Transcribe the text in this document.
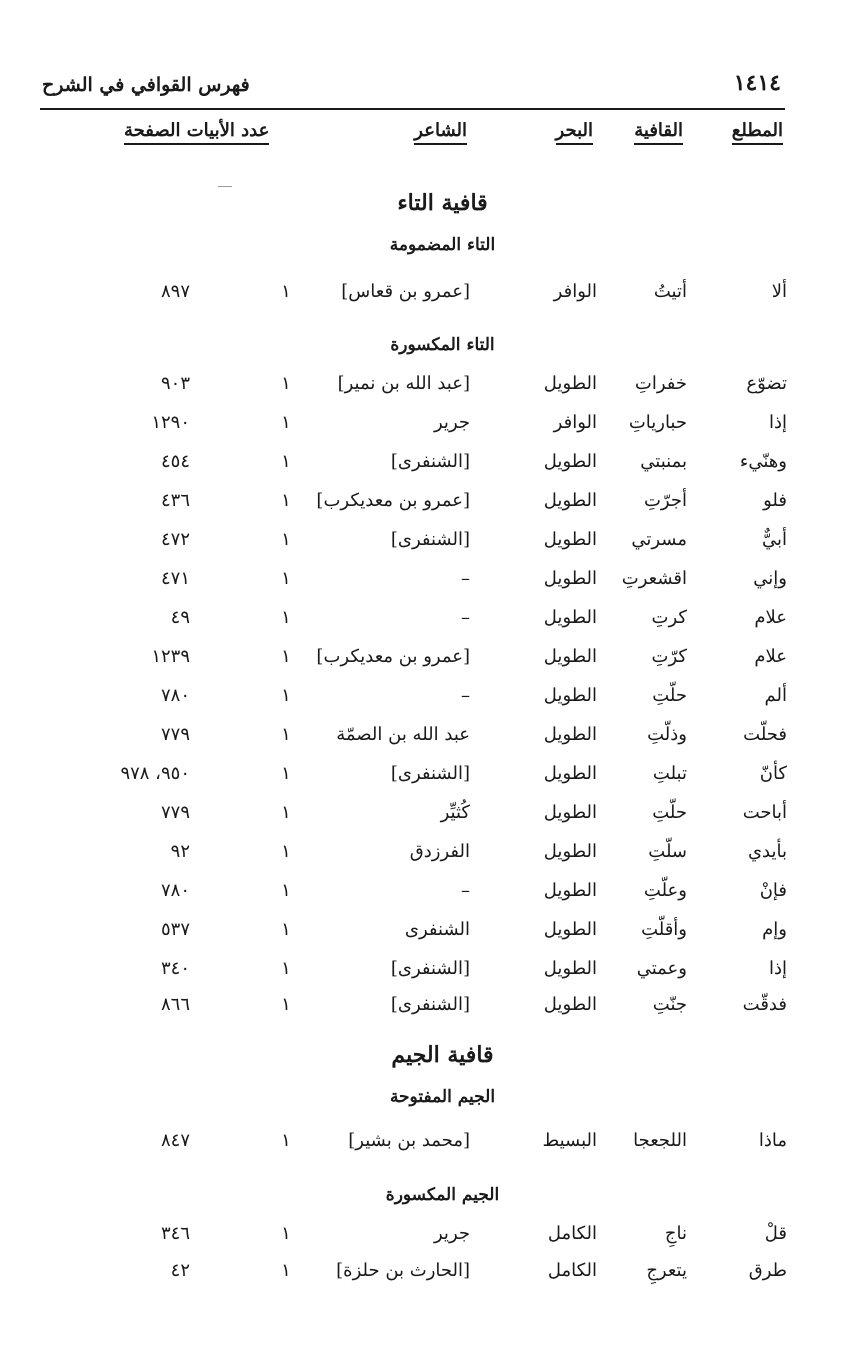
١٤١٤
فهرس القوافي في الشرح
المطلع
القافية
البحر
الشاعر
عدد الأبيات الصفحة
قافية التاء
التاء المضمومة
ألا
أتيتُ
الوافر
[عمرو بن قعاس]
١
٨٩٧
التاء المكسورة
تضوّع
خفراتِ
الطويل
[عبد الله بن نمير]
١
٩٠٣
إذا
حبارياتِ
الوافر
جرير
١
١٢٩٠
وهنّيء
بمنبتي
الطويل
[الشنفرى]
١
٤٥٤
فلو
أجرّتِ
الطويل
[عمرو بن معديكرب]
١
٤٣٦
أبيٌّ
مسرتي
الطويل
[الشنفرى]
١
٤٧٢
وإني
اقشعرتِ
الطويل
–
١
٤٧١
علام
كرتِ
الطويل
–
١
٤٩
علام
كرّتِ
الطويل
[عمرو بن معديكرب]
١
١٢٣٩
ألم
حلّتِ
الطويل
–
١
٧٨٠
فحلّت
وذلّتِ
الطويل
عبد الله بن الصمّة
١
٧٧٩
كأنّ
تبلتِ
الطويل
[الشنفرى]
١
٩٥٠، ٩٧٨
أباحت
حلّتِ
الطويل
كُثيِّر
١
٧٧٩
بأيدي
سلّتِ
الطويل
الفرزدق
١
٩٢
فإنْ
وعلّتِ
الطويل
–
١
٧٨٠
وإم
وأقلّتِ
الطويل
الشنفرى
١
٥٣٧
إذا
وعمتي
الطويل
[الشنفرى]
١
٣٤٠
فدقّت
جنّتِ
الطويل
[الشنفرى]
١
٨٦٦
قافية الجيم
الجيم المفتوحة
ماذا
اللجعجا
البسيط
[محمد بن بشير]
١
٨٤٧
الجيم المكسورة
قلْ
ناجِ
الكامل
جرير
١
٣٤٦
طرق
يتعرجِ
الكامل
[الحارث بن حلزة]
١
٤٢
